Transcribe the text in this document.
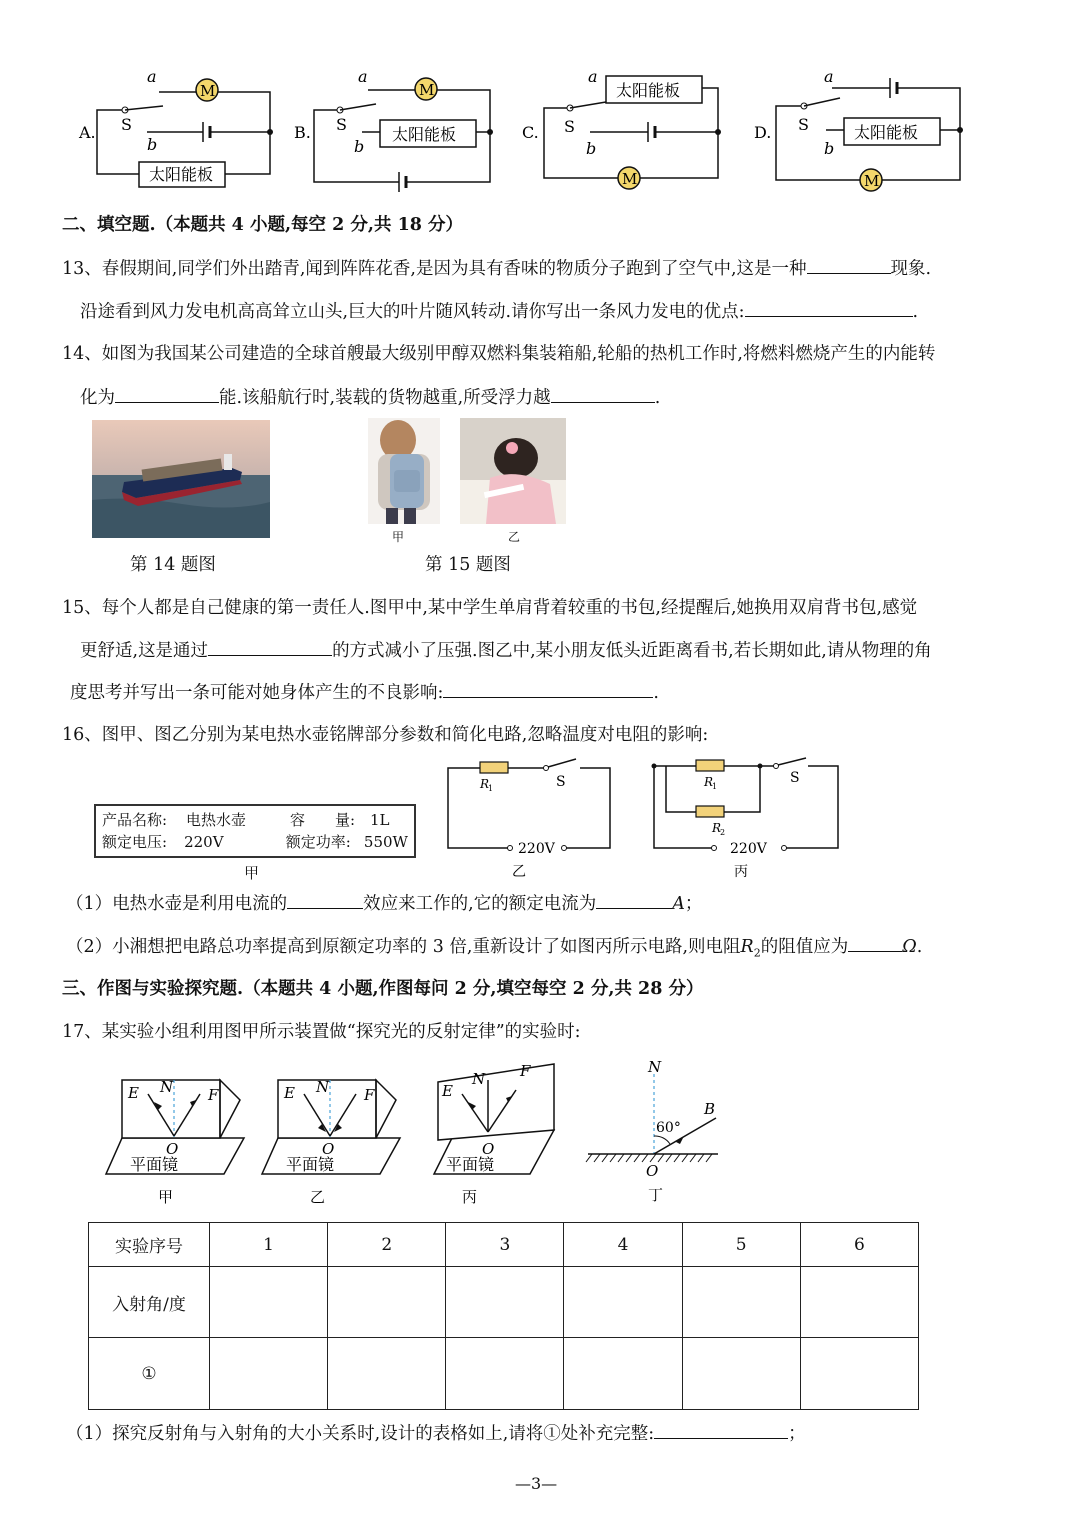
A.
a
S
b
M
太阳能板
B.
a
S
b
M
太阳能板	C.
a
S
b
太阳能板
M
D.
a
S
b
M
太阳能板
二、填空题.（本题共 4 小题,每空 2 分,共 18 分）
13、春假期间,同学们外出踏青,闻到阵阵花香,是因为具有香味的物质分子跑到了空气中,这是一种	现象.
沿途看到风力发电机高高耸立山头,巨大的叶片随风转动.请你写出一条风力发电的优点:	.
14、如图为我国某公司建造的全球首艘最大级别甲醇双燃料集装箱船,轮船的热机工作时,将燃料燃烧产生的内能转
化为	能.该船航行时,装载的货物越重,所受浮力越	.
第 14 题图
甲	乙
第 15 题图
15、每个人都是自己健康的第一责任人.图甲中,某中学生单肩背着较重的书包,经提醒后,她换用双肩背书包,感觉
更舒适,这是通过	的方式减小了压强.图乙中,某小朋友低头近距离看书,若长期如此,请从物理的角
度思考并写出一条可能对她身体产生的不良影响:	.
16、图甲、图乙分别为某电热水壶铭牌部分参数和简化电路,忽略温度对电阻的影响:
产品名称:	电热水壶	容　　量: 1L
额定电压:	220V	额定功率: 550W
甲
R
1	S
220V
乙
R
1
R
2
S
220V
丙
（1）电热水壶是利用电流的	效应来工作的,它的额定电流为	A；
（2）小湘想把电路总功率提高到原额定功率的 3 倍,重新设计了如图丙所示电路,则电阻$R_2$的阻值应为	Ω.
三、作图与实验探究题.（本题共 4 小题,作图每问 2 分,填空每空 2 分,共 28 分）
17、某实验小组利用图甲所示装置做“探究光的反射定律”的实验时:
E N F
O
平面镜
甲
E N F
O
平面镜
乙
E
N F
O
平面镜
丙
N
60°
B
O
丁
实验序号	1	2	3	4	5	6
入射角/度						
①						
（1）探究反射角与入射角的大小关系时,设计的表格如上,请将①处补充完整:	；
—3—
